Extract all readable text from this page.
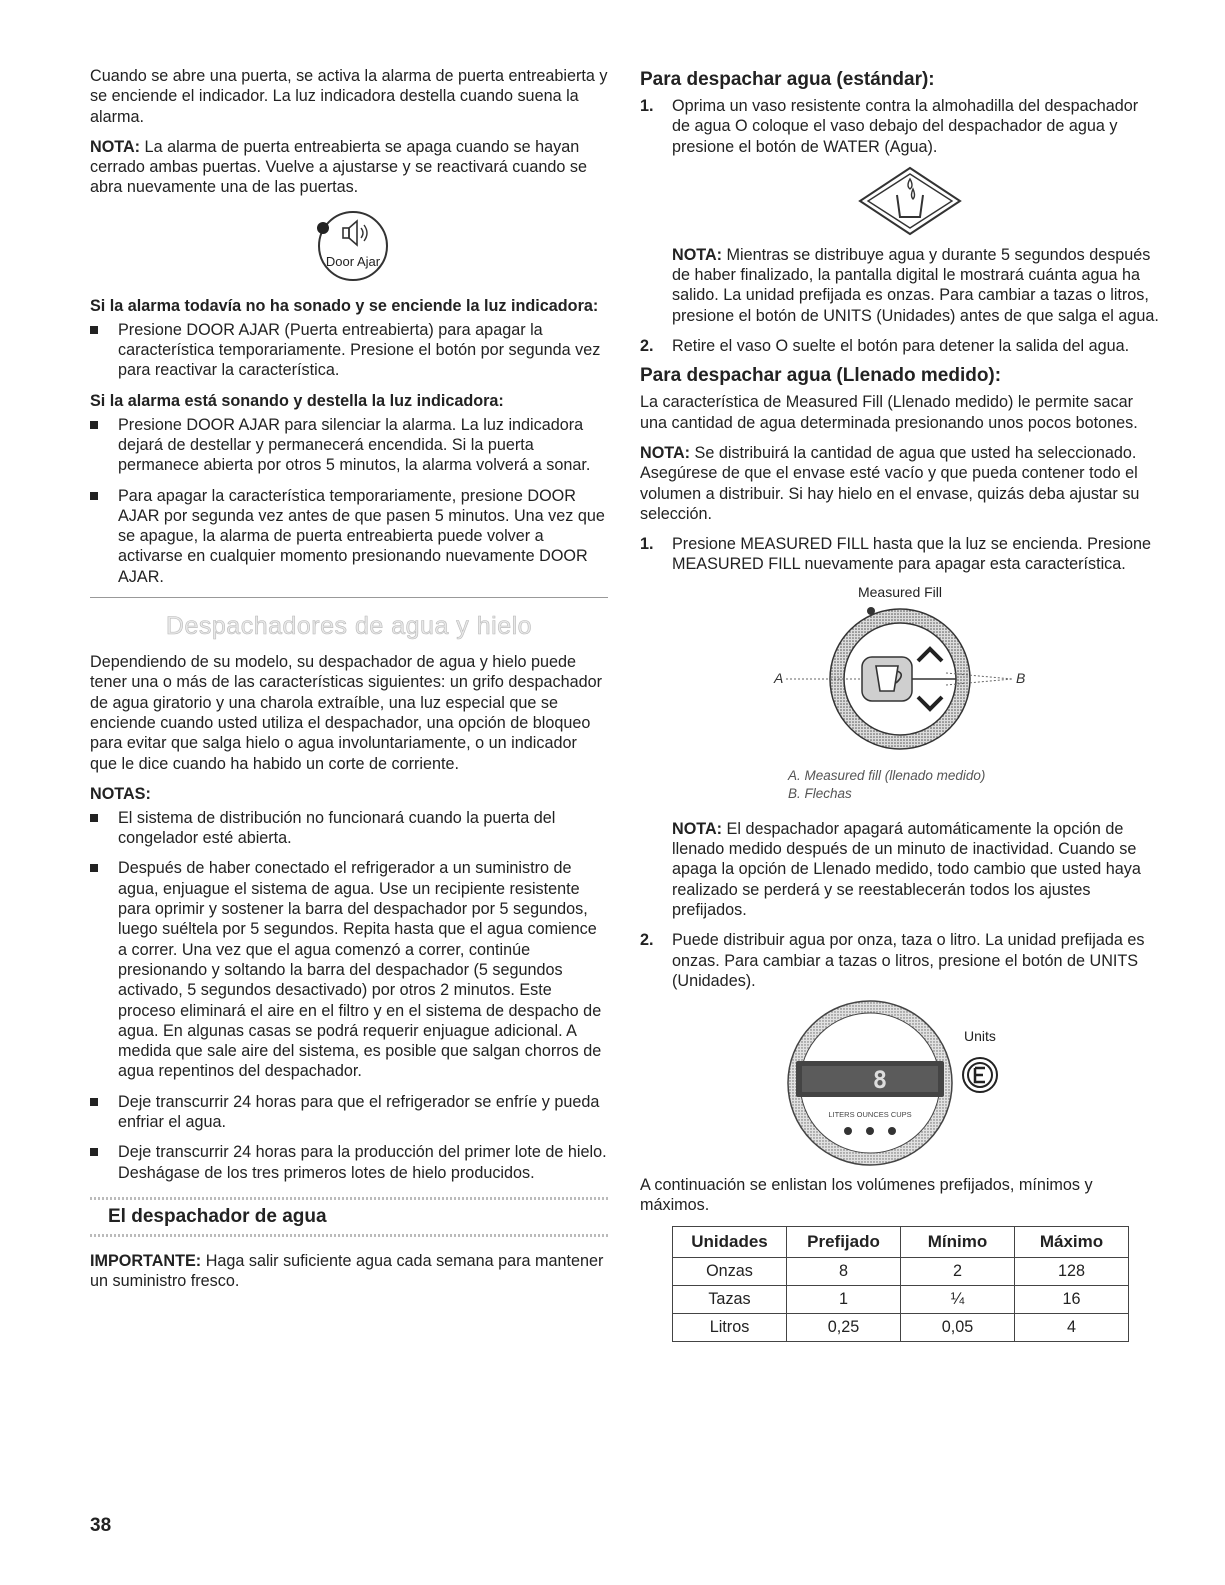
Cuando se abre una puerta, se activa la alarma de puerta entreabierta y se enciende el indicador. La luz indicadora destella cuando suena la alarma.

NOTA: La alarma de puerta entreabierta se apaga cuando se hayan cerrado ambas puertas. Vuelve a ajustarse y se reactivará cuando se abra nuevamente una de las puertas.

Door Ajar
Si la alarma todavía no ha sonado y se enciende la luz indicadora:
Presione DOOR AJAR (Puerta entreabierta) para apagar la característica temporariamente. Presione el botón por segunda vez para reactivar la característica.
Si la alarma está sonando y destella la luz indicadora:
Presione DOOR AJAR para silenciar la alarma. La luz indicadora dejará de destellar y permanecerá encendida. Si la puerta permanece abierta por otros 5 minutos, la alarma volverá a sonar.
Para apagar la característica temporariamente, presione DOOR AJAR por segunda vez antes de que pasen 5 minutos. Una vez que se apague, la alarma de puerta entreabierta puede volver a activarse en cualquier momento presionando nuevamente DOOR AJAR.
Despachadores de agua y hielo

Dependiendo de su modelo, su despachador de agua y hielo puede tener una o más de las características siguientes: un grifo despachador de agua giratorio y una charola extraíble, una luz especial que se enciende cuando usted utiliza el despachador, una opción de bloqueo para evitar que salga hielo o agua involuntariamente, o un indicador que le dice cuando ha habido un corte de corriente.

NOTAS:
El sistema de distribución no funcionará cuando la puerta del congelador esté abierta.
Después de haber conectado el refrigerador a un suministro de agua, enjuague el sistema de agua. Use un recipiente resistente para oprimir y sostener la barra del despachador por 5 segundos, luego suéltela por 5 segundos. Repita hasta que el agua comience a correr. Una vez que el agua comenzó a correr, continúe presionando y soltando la barra del despachador (5 segundos activado, 5 segundos desactivado) por otros 2 minutos. Este proceso eliminará el aire en el filtro y en el sistema de despacho de agua. En algunas casas se podrá requerir enjuague adicional. A medida que sale aire del sistema, es posible que salgan chorros de agua repentinos del despachador.
Deje transcurrir 24 horas para que el refrigerador se enfríe y pueda enfriar el agua.
Deje transcurrir 24 horas para la producción del primer lote de hielo. Deshágase de los tres primeros lotes de hielo producidos.
El despachador de agua

IMPORTANTE: Haga salir suficiente agua cada semana para mantener un suministro fresco.

Para despachar agua (estándar):
1. Oprima un vaso resistente contra la almohadilla del despachador de agua O coloque el vaso debajo del despachador de agua y presione el botón de WATER (Agua).

NOTA: Mientras se distribuye agua y durante 5 segundos después de haber finalizado, la pantalla digital le mostrará cuánta agua ha salido. La unidad prefijada es onzas. Para cambiar a tazas o litros, presione el botón de UNITS (Unidades) antes de que salga el agua.

2. Retire el vaso O suelte el botón para detener la salida del agua.
Para despachar agua (Llenado medido):

La característica de Measured Fill (Llenado medido) le permite sacar una cantidad de agua determinada presionando unos pocos botones.

NOTA: Se distribuirá la cantidad de agua que usted ha seleccionado. Asegúrese de que el envase esté vacío y que pueda contener todo el volumen a distribuir. Si hay hielo en el envase, quizás deba ajustar su selección.

1. Presione MEASURED FILL hasta que la luz se encienda. Presione MEASURED FILL nuevamente para apagar esta característica.
Measured Fill
A	B
A. Measured fill (llenado medido)
B. Flechas

NOTA: El despachador apagará automáticamente la opción de llenado medido después de un minuto de inactividad. Cuando se apaga la opción de Llenado medido, todo cambio que usted haya realizado se perderá y se reestablecerán todos los ajustes prefijados.

2. Puede distribuir agua por onza, taza o litro. La unidad prefijada es onzas. Para cambiar a tazas o litros, presione el botón de UNITS (Unidades).
8
LITERS OUNCES CUPS
Units

A continuación se enlistan los volúmenes prefijados, mínimos y máximos.

Unidades	Prefijado	Mínimo	Máximo
Onzas	8	2	128
Tazas	1	¼	16
Litros	0,25	0,05	4
38
